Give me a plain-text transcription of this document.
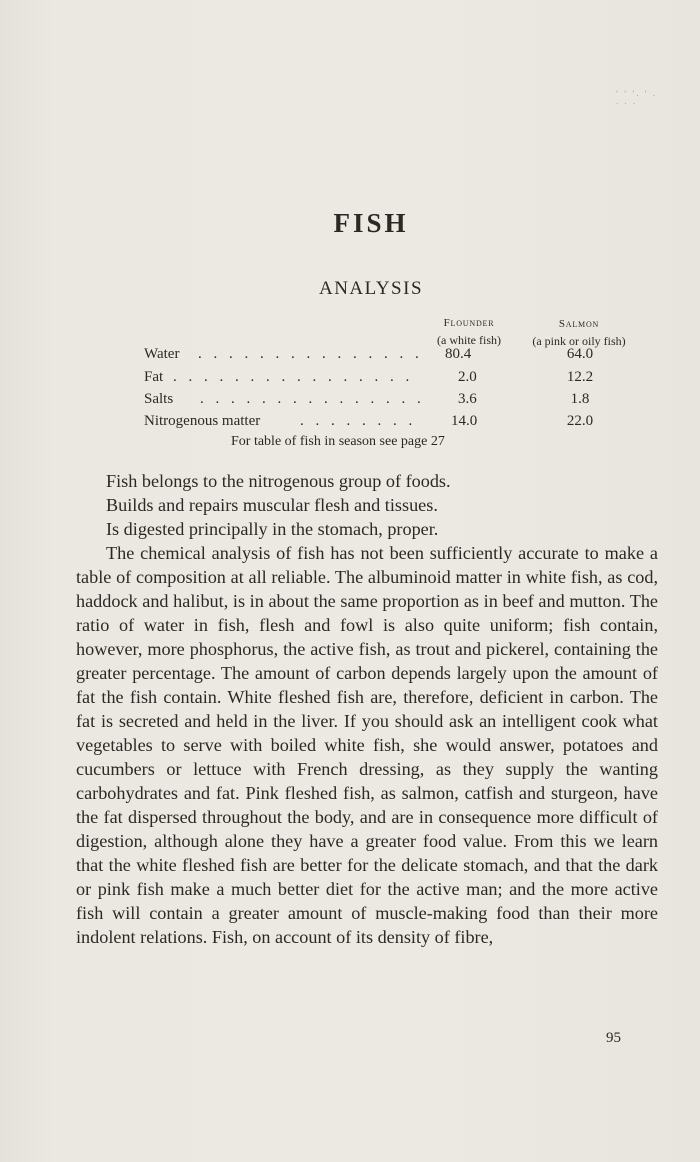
' ' '. ' . . . .
FISH
ANALYSIS
Flounder
(a white fish)
Salmon
(a pink or oily fish)
Water . . . . . . . . . . . . . . . 80.4	64.0
Fat . . . . . . . . . . . . . . . .	2.0	12.2
Salts . . . . . . . . . . . . . . . 3.6	1.8
Nitrogenous matter	. . . . . . . . 14.0	22.0
For table of fish in season see page 27

Fish belongs to the nitrogenous group of foods.

Builds and repairs muscular flesh and tissues.

Is digested principally in the stomach, proper.

The chemical analysis of fish has not been sufficiently accurate to make a table of composition at all reliable. The albuminoid matter in white fish, as cod, haddock and halibut, is in about the same proportion as in beef and mutton. The ratio of water in fish, flesh and fowl is also quite uniform; fish contain, however, more phosphorus, the active fish, as trout and pickerel, containing the greater percentage. The amount of carbon depends largely upon the amount of fat the fish contain. White fleshed fish are, therefore, deficient in carbon. The fat is secreted and held in the liver. If you should ask an intelligent cook what vegetables to serve with boiled white fish, she would answer, potatoes and cucumbers or lettuce with French dressing, as they supply the wanting carbohydrates and fat. Pink fleshed fish, as salmon, catfish and sturgeon, have the fat dispersed throughout the body, and are in consequence more difficult of digestion, although alone they have a greater food value. From this we learn that the white fleshed fish are better for the delicate stomach, and that the dark or pink fish make a much better diet for the active man; and the more active fish will contain a greater amount of muscle-making food than their more indolent relations. Fish, on account of its density of fibre,

95
